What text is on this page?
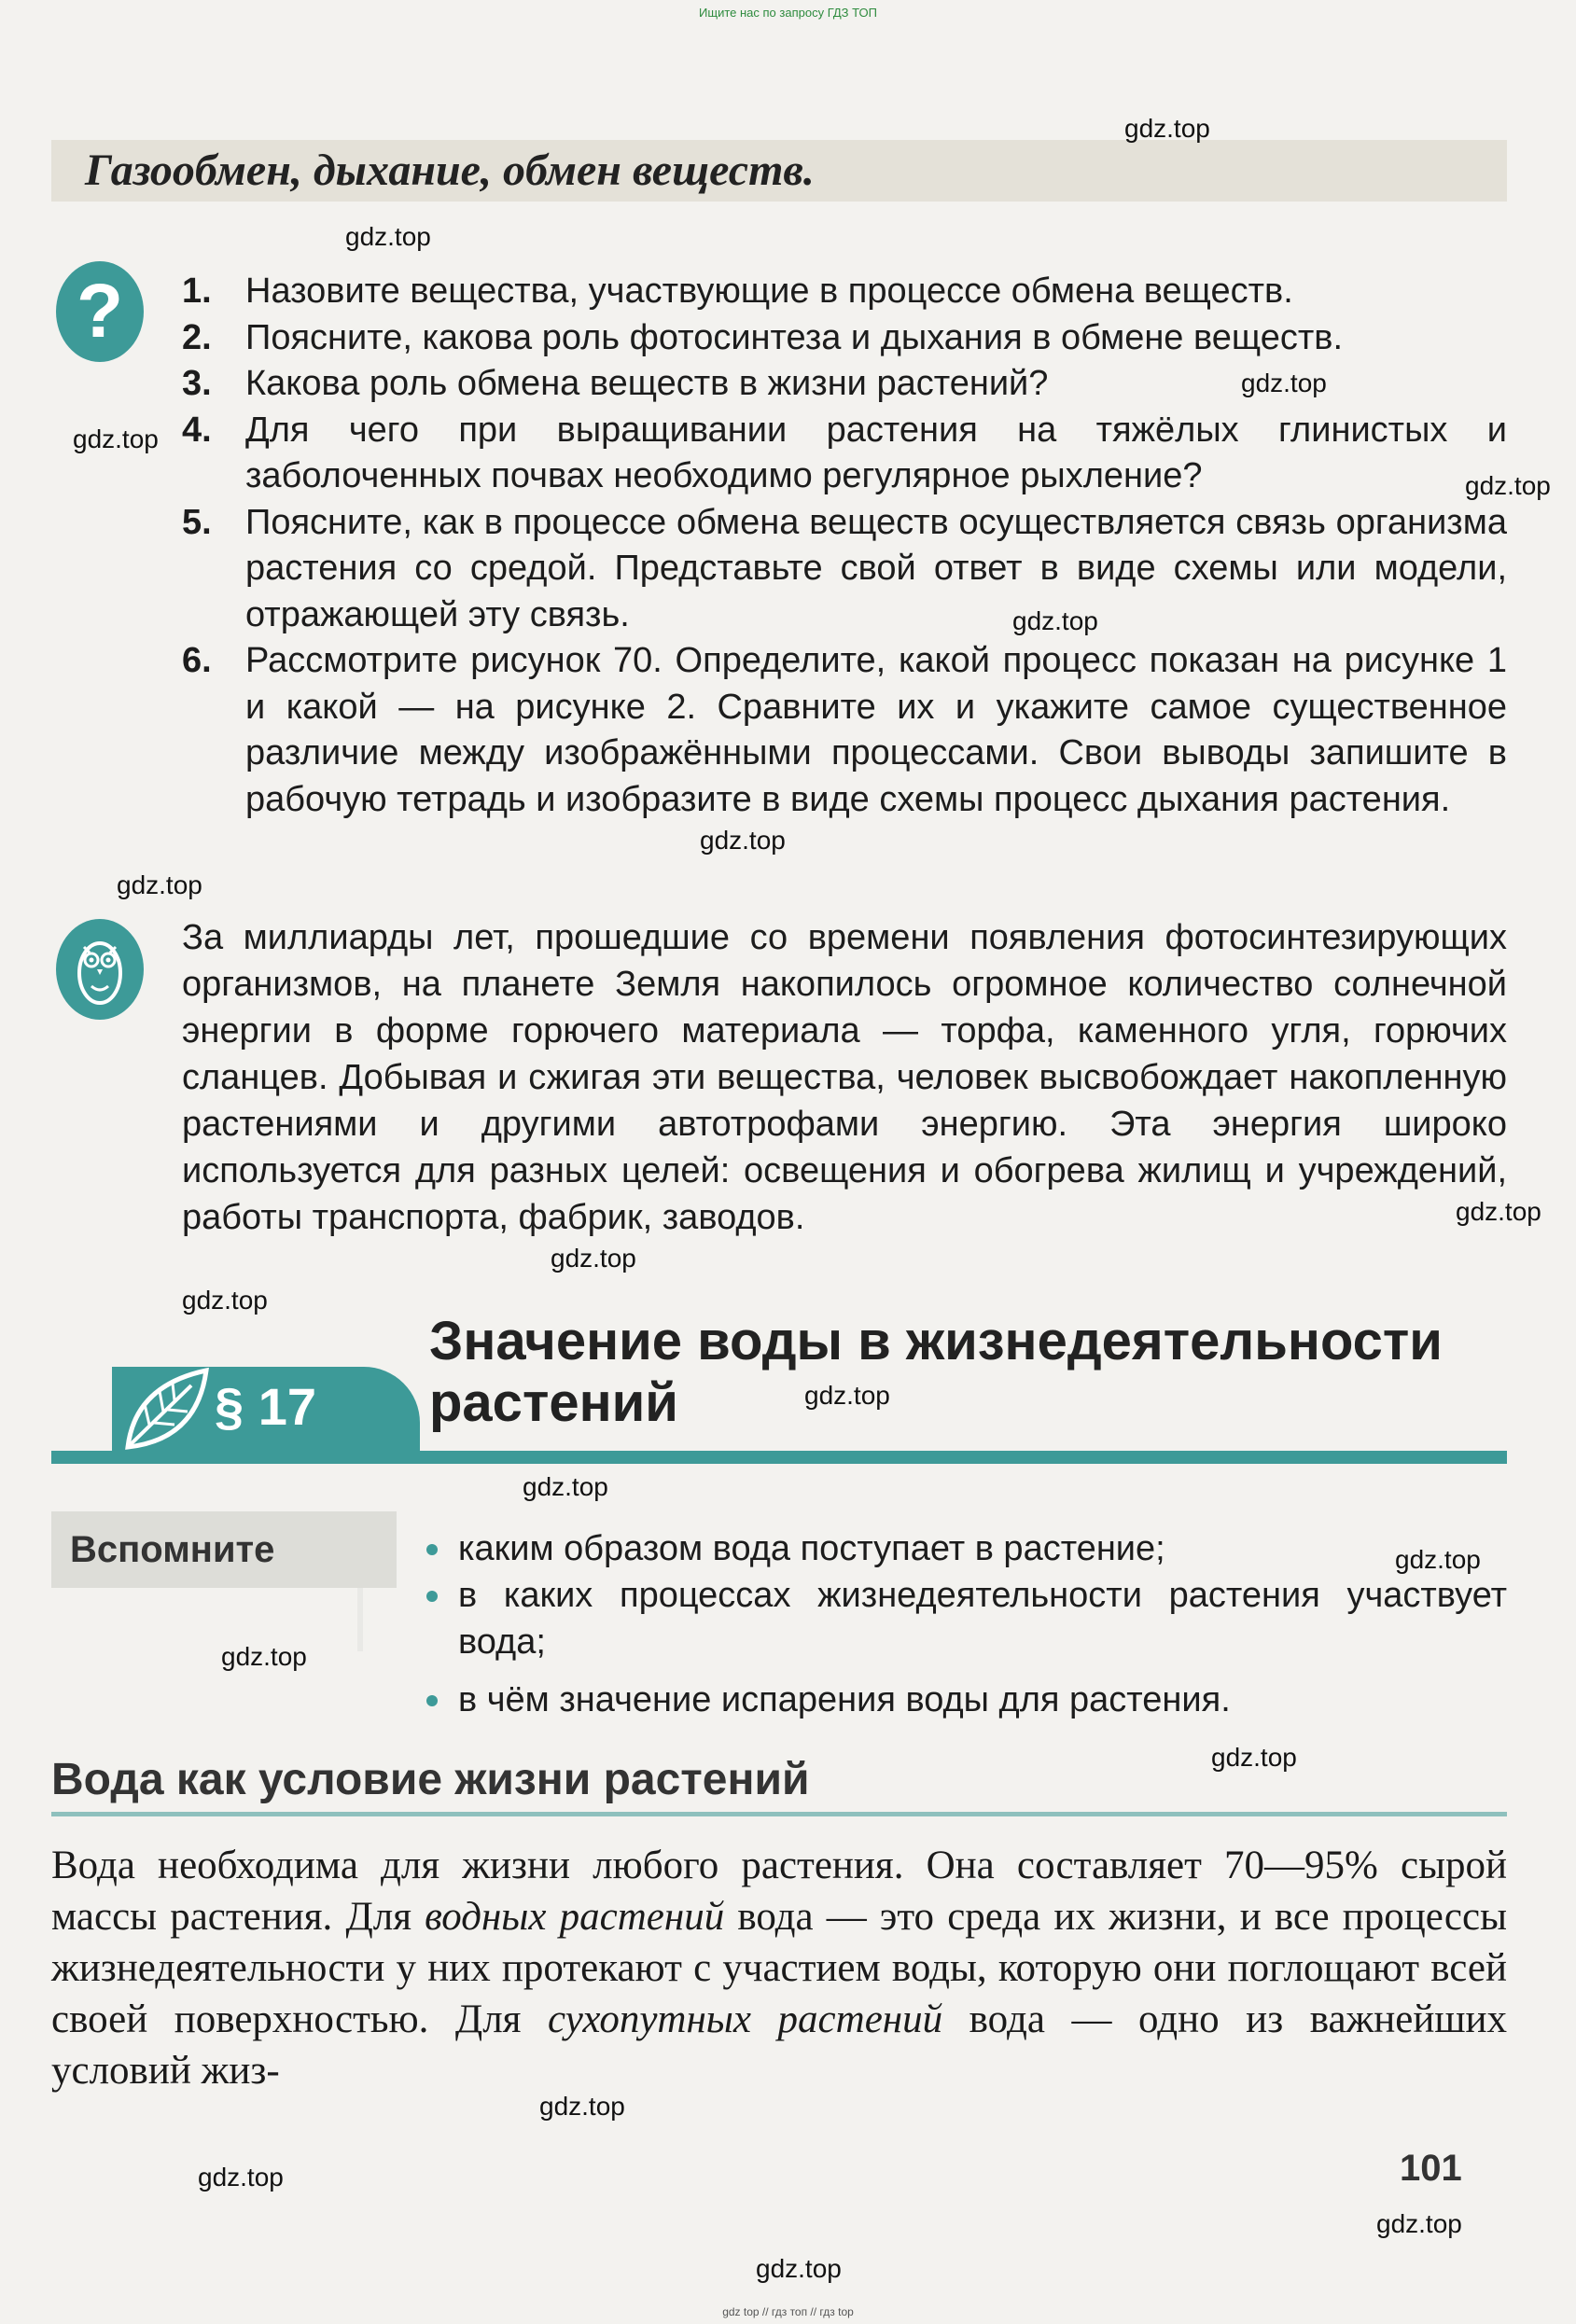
Ищите нас по запросу ГДЗ ТОП
Газообмен, дыхание, обмен веществ.
?	1. Назовите вещества, участвующие в процессе обмена веществ.
2. Поясните, какова роль фотосинтеза и дыхания в обмене веществ.
3. Какова роль обмена веществ в жизни растений?
4. Для чего при выращивании растения на тяжёлых глинистых и заболоченных почвах необходимо регулярное рыхление?
5. Поясните, как в процессе обмена веществ осуществляется связь организма растения со средой. Представьте свой ответ в виде схемы или модели, отражающей эту связь.
6. Рассмотрите рисунок 70. Определите, какой процесс показан на рисунке 1 и какой — на рисунке 2. Сравните их и укажите самое существенное различие между изображёнными процессами. Свои выводы запишите в рабочую тетрадь и изобразите в виде схемы процесс дыхания растения.

За миллиарды лет, прошедшие со времени появления фотосинтезирующих организмов, на планете Земля накопилось огромное количество солнечной энергии в форме горючего материала — торфа, каменного угля, горючих сланцев. Добывая и сжигая эти вещества, человек высвобождает накопленную растениями и другими автотрофами энергию. Эта энергия широко используется для разных целей: освещения и обогрева жилищ и учреждений, работы транспорта, фабрик, заводов.

§ 17
Значение воды в жизнедеятельности растений
Вспомните	каким образом вода поступает в растение;
в каких процессах жизнедеятельности растения участвует вода;
в чём значение испарения воды для растения.
Вода как условие жизни растений

Вода необходима для жизни любого растения. Она составляет 70—95% сырой массы растения. Для водных растений вода — это среда их жизни, и все процессы жизнедеятельности у них протекают с участием воды, которую они поглощают всей своей поверхностью. Для сухопутных растений вода — одно из важнейших условий жиз-

101
gdz.top
gdz.top
gdz.top
gdz.top
gdz.top
gdz.top
gdz.top
gdz.top
gdz.top
gdz.top
gdz.top
gdz.top
gdz.top
gdz.top
gdz.top
gdz.top
gdz.top
gdz.top
gdz.top
gdz.top
gdz top // гдз топ // гдз top
